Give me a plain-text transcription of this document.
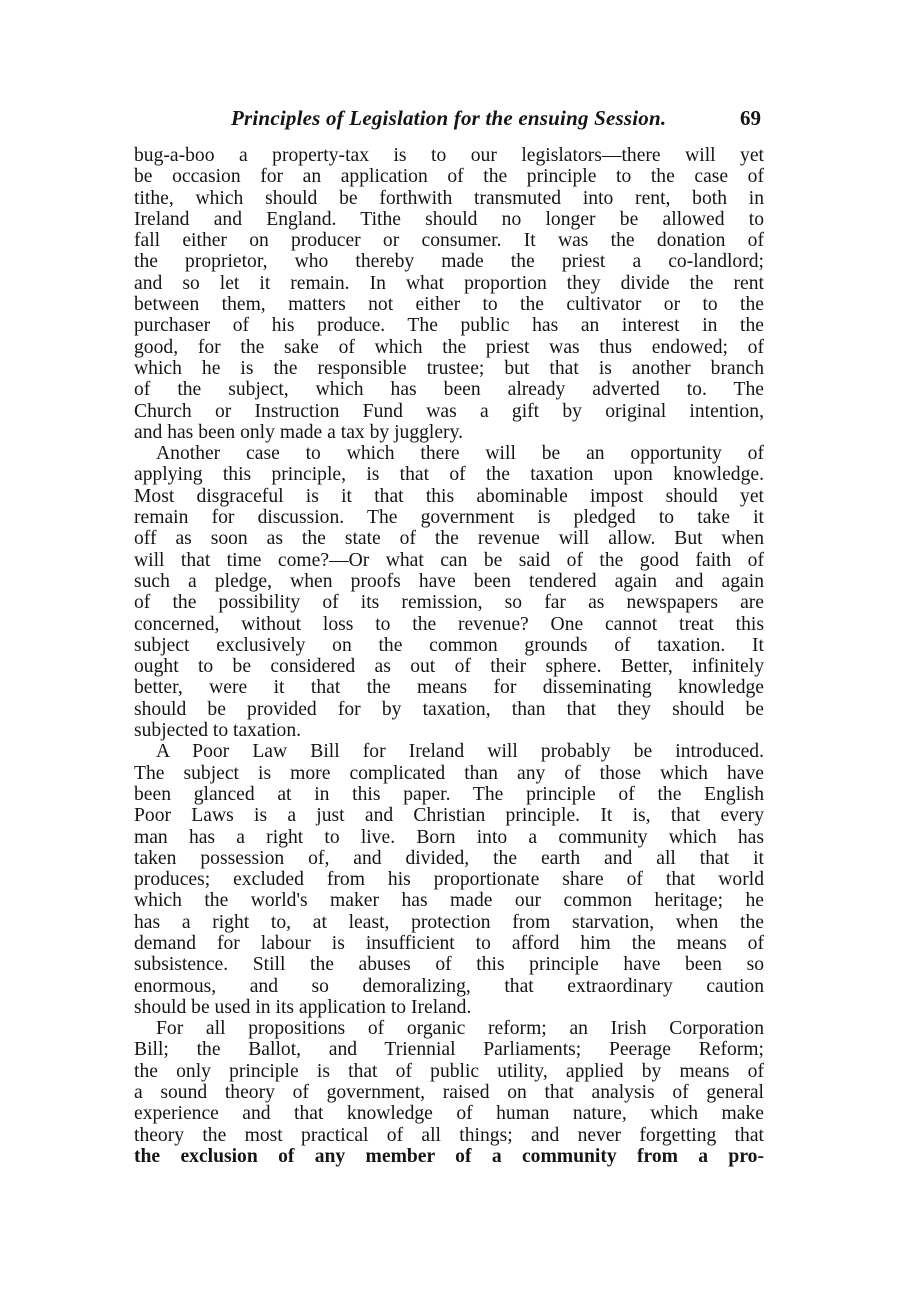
Principles of Legislation for the ensuing Session.	69
bug-a-boo a property-tax is to our legislators—there will yet
be occasion for an application of the principle to the case of
tithe, which should be forthwith transmuted into rent, both in
Ireland and England. Tithe should no longer be allowed to
fall either on producer or consumer. It was the donation of
the proprietor, who thereby made the priest a co-landlord;
and so let it remain. In what proportion they divide the rent
between them, matters not either to the cultivator or to the
purchaser of his produce. The public has an interest in the
good, for the sake of which the priest was thus endowed; of
which he is the responsible trustee; but that is another branch
of the subject, which has been already adverted to. The
Church or Instruction Fund was a gift by original intention,
and has been only made a tax by jugglery.
Another case to which there will be an opportunity of
applying this principle, is that of the taxation upon knowledge.
Most disgraceful is it that this abominable impost should yet
remain for discussion. The government is pledged to take it
off as soon as the state of the revenue will allow. But when
will that time come?—Or what can be said of the good faith of
such a pledge, when proofs have been tendered again and again
of the possibility of its remission, so far as newspapers are
concerned, without loss to the revenue? One cannot treat this
subject exclusively on the common grounds of taxation. It
ought to be considered as out of their sphere. Better, infinitely
better, were it that the means for disseminating knowledge
should be provided for by taxation, than that they should be
subjected to taxation.
A Poor Law Bill for Ireland will probably be introduced.
The subject is more complicated than any of those which have
been glanced at in this paper. The principle of the English
Poor Laws is a just and Christian principle. It is, that every
man has a right to live. Born into a community which has
taken possession of, and divided, the earth and all that it
produces; excluded from his proportionate share of that world
which the world's maker has made our common heritage; he
has a right to, at least, protection from starvation, when the
demand for labour is insufficient to afford him the means of
subsistence. Still the abuses of this principle have been so
enormous, and so demoralizing, that extraordinary caution
should be used in its application to Ireland.
For all propositions of organic reform; an Irish Corporation
Bill; the Ballot, and Triennial Parliaments; Peerage Reform;
the only principle is that of public utility, applied by means of
a sound theory of government, raised on that analysis of general
experience and that knowledge of human nature, which make
theory the most practical of all things; and never forgetting that
the exclusion of any member of a community from a pro-
